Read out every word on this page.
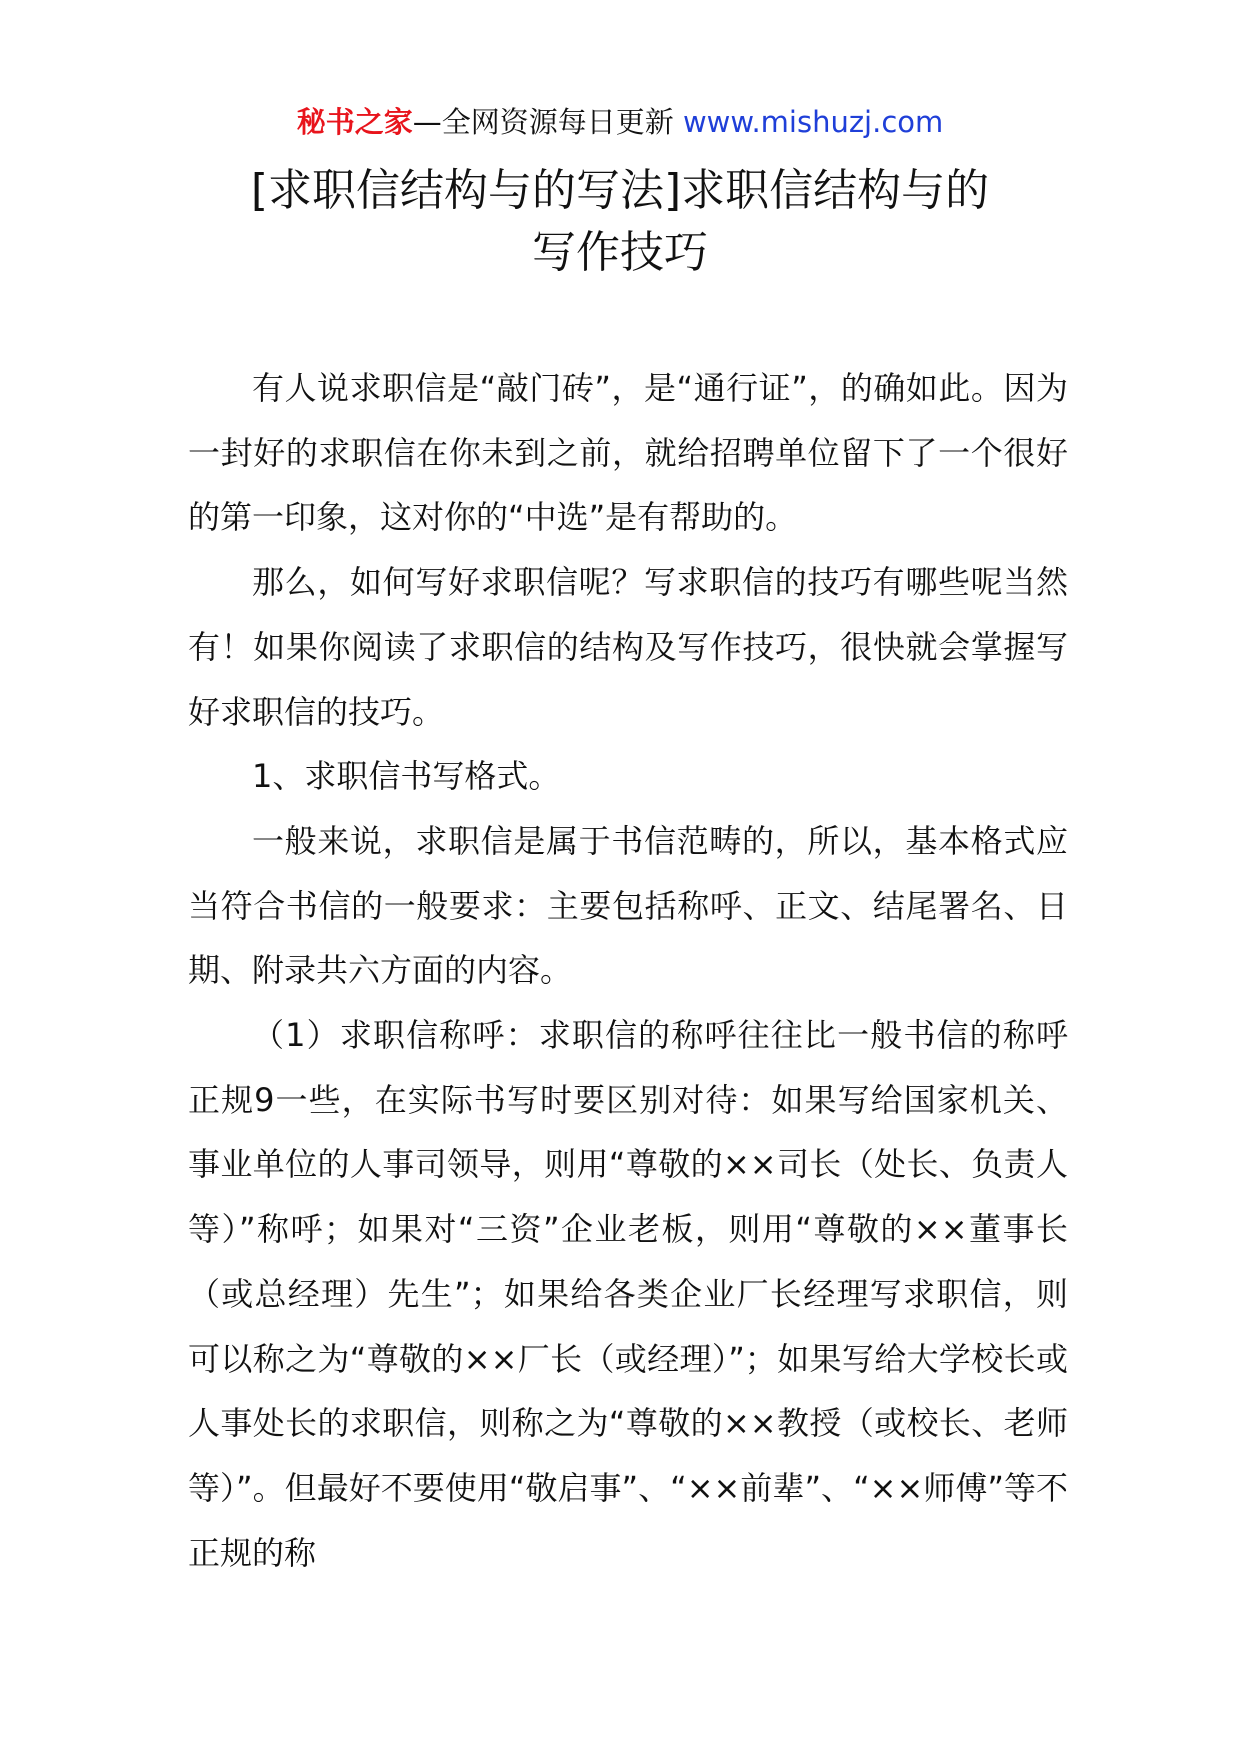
秘书之家—全网资源每日更新 www.mishuzj.com
[求职信结构与的写法]求职信结构与的
写作技巧

有人说求职信是“敲门砖”，是“通行证”，的确如此。因为一封好的求职信在你未到之前，就给招聘单位留下了一个很好的第一印象，这对你的“中选”是有帮助的。

那么，如何写好求职信呢？写求职信的技巧有哪些呢当然有！如果你阅读了求职信的结构及写作技巧，很快就会掌握写好求职信的技巧。

1、求职信书写格式。

一般来说，求职信是属于书信范畴的，所以，基本格式应当符合书信的一般要求：主要包括称呼、正文、结尾署名、日期、附录共六方面的内容。

（1）求职信称呼：求职信的称呼往往比一般书信的称呼正规9一些，在实际书写时要区别对待：如果写给国家机关、事业单位的人事司领导，则用“尊敬的××司长（处长、负责人等）”称呼；如果对“三资”企业老板，则用“尊敬的××董事长（或总经理）先生”；如果给各类企业厂长经理写求职信，则可以称之为“尊敬的××厂长（或经理）”；如果写给大学校长或人事处长的求职信，则称之为“尊敬的××教授（或校长、老师等）”。但最好不要使用“敬启事”、“××前辈”、“××师傅”等不正规的称
